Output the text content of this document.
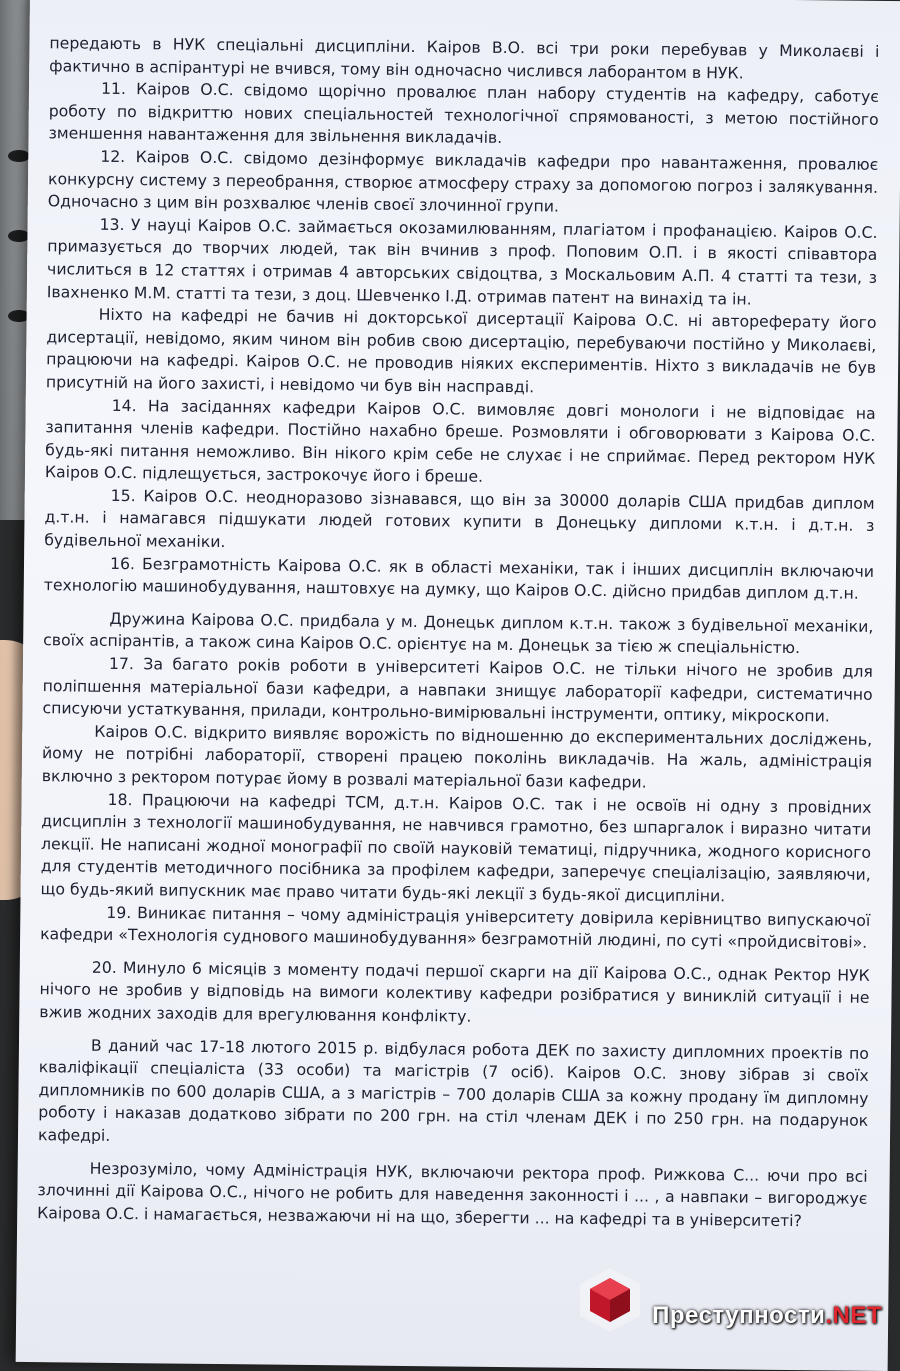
передають в НУК спеціальні дисципліни. Каіров В.О. всі три роки перебував у Миколаєві і фактично в аспірантурі не вчився, тому він одночасно числився лаборантом в НУК.

11. Каіров О.С. свідомо щорічно провалює план набору студентів на кафедру, саботує роботу по відкриттю нових спеціальностей технологічної спрямованості, з метою постійного зменшення навантаження для звільнення викладачів.

12. Каіров О.С. свідомо дезінформує викладачів кафедри про навантаження, провалює конкурсну систему з переобрання, створює атмосферу страху за допомогою погроз і залякування. Одночасно з цим він розхвалює членів своєї злочинної групи.

13. У науці Каіров О.С. займається окозамилюванням, плагіатом і профанацією. Каіров О.С. примазується до творчих людей, так він вчинив з проф. Поповим О.П. і в якості співавтора числиться в 12 статтях і отримав 4 авторських свідоцтва, з Москальовим А.П. 4 статті та тези, з Івахненко М.М. статті та тези, з доц. Шевченко І.Д. отримав патент на винахід та ін.

Ніхто на кафедрі не бачив ні докторської дисертації Каірова О.С. ні автореферату його дисертації, невідомо, яким чином він робив свою дисертацію, перебуваючи постійно у Миколаєві, працюючи на кафедрі. Каіров О.С. не проводив ніяких експериментів. Ніхто з викладачів не був присутній на його захисті, і невідомо чи був він насправді.

14. На засіданнях кафедри Каіров О.С. вимовляє довгі монологи і не відповідає на запитання членів кафедри. Постійно нахабно бреше. Розмовляти і обговорювати з Каірова О.С. будь-які питання неможливо. Він нікого крім себе не слухає і не сприймає. Перед ректором НУК Каіров О.С. підлещується, застрокочує його і бреше.

15. Каіров О.С. неодноразово зізнавався, що він за 30000 доларів США придбав диплом д.т.н. і намагався підшукати людей готових купити в Донецьку дипломи к.т.н. і д.т.н. з будівельної механіки.

16. Безграмотність Каірова О.С. як в області механіки, так і інших дисциплін включаючи технологію машинобудування, наштовхує на думку, що Каіров О.С. дійсно придбав диплом д.т.н.

Дружина Каірова О.С. придбала у м. Донецьк диплом к.т.н. також з будівельної механіки, своїх аспірантів, а також сина Каіров О.С. орієнтує на м. Донецьк за тією ж спеціальністю.

17. За багато років роботи в університеті Каіров О.С. не тільки нічого не зробив для поліпшення матеріальної бази кафедри, а навпаки знищує лабораторії кафедри, систематично списуючи устаткування, прилади, контрольно-вимірювальні інструменти, оптику, мікроскопи.

Каіров О.С. відкрито виявляє ворожість по відношенню до експериментальних досліджень, йому не потрібні лабораторії, створені працею поколінь викладачів. На жаль, адміністрація включно з ректором потурає йому в розвалі матеріальної бази кафедри.

18. Працюючи на кафедрі ТСМ, д.т.н. Каіров О.С. так і не освоїв ні одну з провідних дисциплін з технології машинобудування, не навчився грамотно, без шпаргалок і виразно читати лекції. Не написані жодної монографії по своїй науковій тематиці, підручника, жодного корисного для студентів методичного посібника за профілем кафедри, заперечує спеціалізацію, заявляючи, що будь-який випускник має право читати будь-які лекції з будь-якої дисципліни.

19. Виникає питання – чому адміністрація університету довірила керівництво випускаючої кафедри «Технологія суднового машинобудування» безграмотній людині, по суті «пройдисвітові».

20. Минуло 6 місяців з моменту подачі першої скарги на дії Каірова О.С., однак Ректор НУК нічого не зробив у відповідь на вимоги колективу кафедри розібратися у виниклій ситуації і не вжив жодних заходів для врегулювання конфлікту.

В даний час 17-18 лютого 2015 р. відбулася робота ДЕК по захисту дипломних проектів по кваліфікації спеціаліста (33 особи) та магістрів (7 осіб). Каіров О.С. знову зібрав зі своїх дипломників по 600 доларів США, а з магістрів – 700 доларів США за кожну продану їм дипломну роботу і наказав додатково зібрати по 200 грн. на стіл членам ДЕК і по 250 грн. на подарунок кафедрі.

Незрозуміло, чому Адміністрація НУК, включаючи ректора проф. Рижкова С... ючи про всі злочинні дії Каірова О.С., нічого не робить для наведення законності і ... , а навпаки – вигороджує Каірова О.С. і намагається, незважаючи ні на що, зберегти ... на кафедрі та в університеті?

Преступности.NET
